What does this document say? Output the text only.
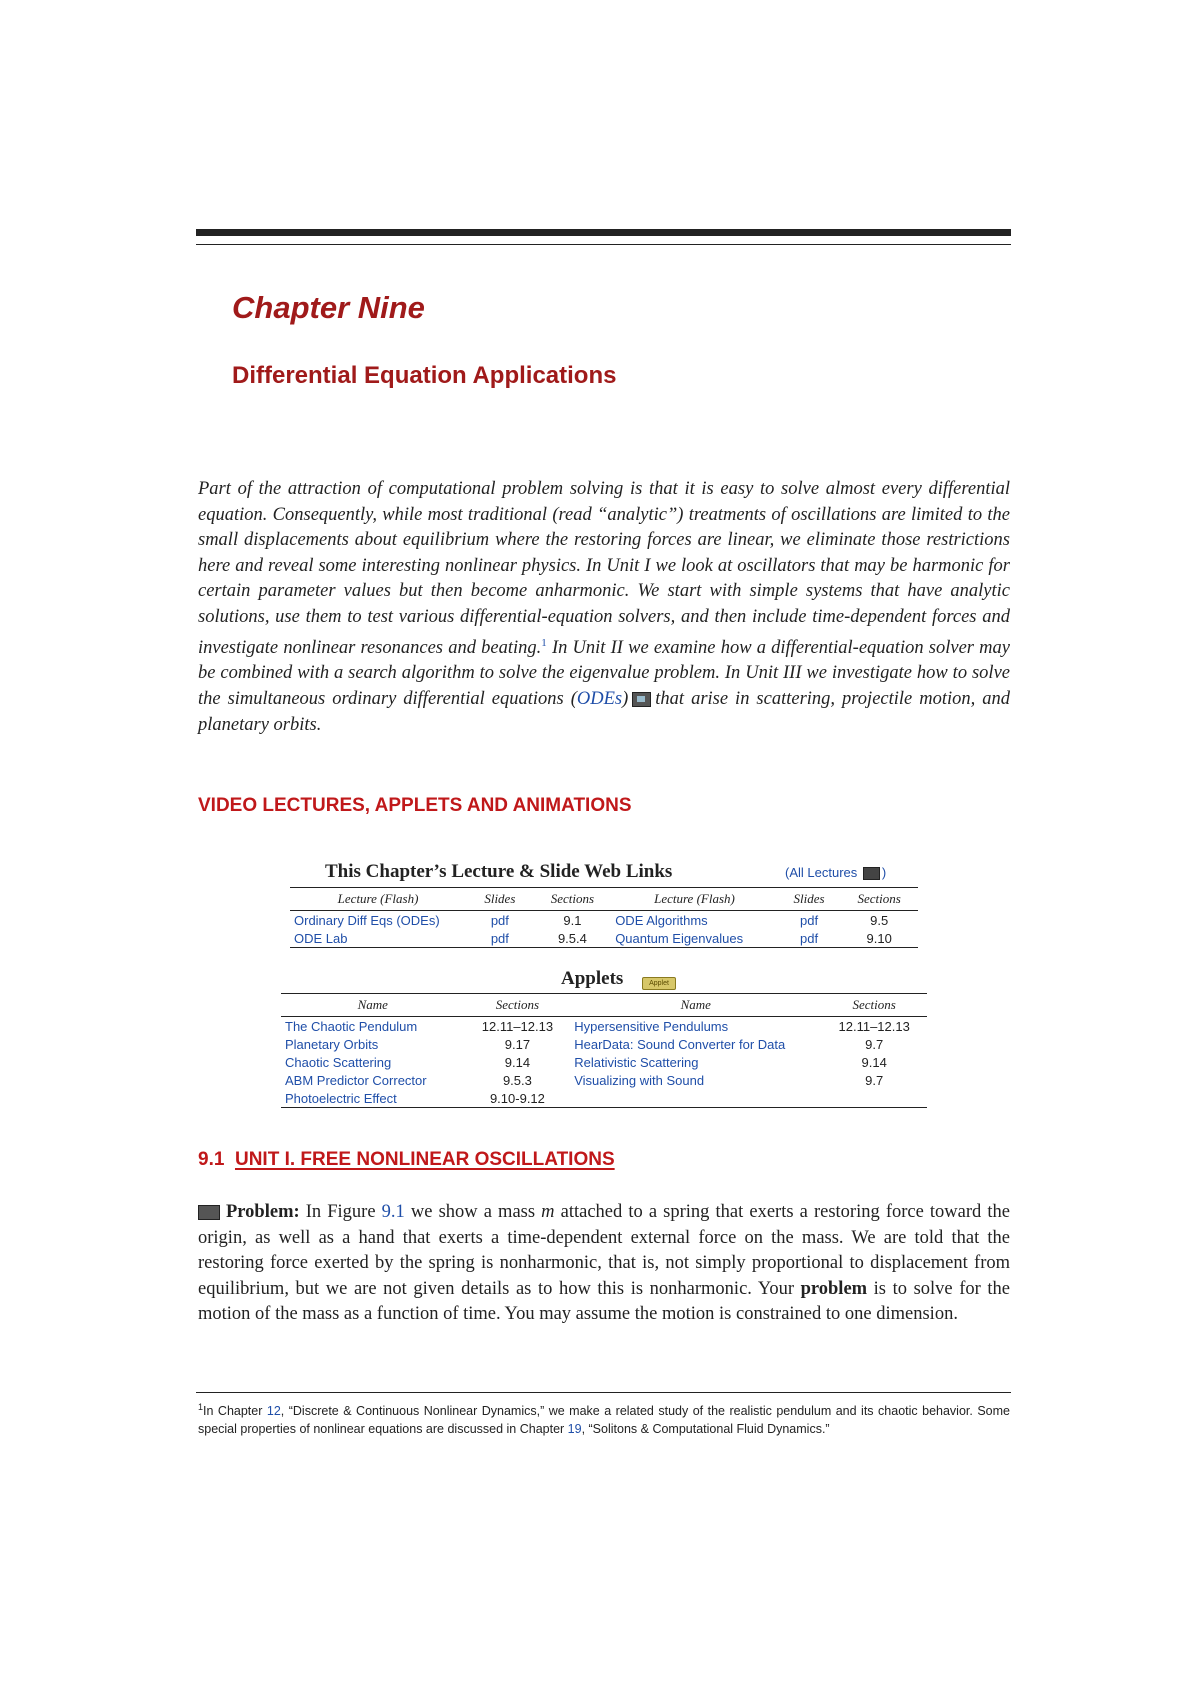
Chapter Nine
Differential Equation Applications

Part of the attraction of computational problem solving is that it is easy to solve almost every differential equation. Consequently, while most traditional (read “analytic”) treatments of oscillations are limited to the small displacements about equilibrium where the restoring forces are linear, we eliminate those restrictions here and reveal some interesting nonlinear physics. In Unit I we look at oscillators that may be harmonic for certain parameter values but then become anharmonic. We start with simple systems that have analytic solutions, use them to test various differential-equation solvers, and then include time-dependent forces and investigate nonlinear resonances and beating.$^1$ In Unit II we examine how a differential-equation solver may be combined with a search algorithm to solve the eigenvalue problem. In Unit III we investigate how to solve the simultaneous ordinary differential equations (ODEs) that arise in scattering, projectile motion, and planetary orbits.

VIDEO LECTURES, APPLETS AND ANIMATIONS
This Chapter’s Lecture & Slide Web Links	(All Lectures )
Lecture (Flash)	Slides	Sections	Lecture (Flash)	Slides	Sections
Ordinary Diff Eqs (ODEs)	pdf	9.1	ODE Algorithms	pdf	9.5
ODE Lab	pdf	9.5.4	Quantum Eigenvalues	pdf	9.10
Applets	Applet
Name	Sections	Name	Sections
The Chaotic Pendulum	12.11–12.13	Hypersensitive Pendulums	12.11–12.13
Planetary Orbits	9.17	HearData: Sound Converter for Data	9.7
Chaotic Scattering	9.14	Relativistic Scattering	9.14
ABM Predictor Corrector	9.5.3	Visualizing with Sound	9.7
Photoelectric Effect	9.10-9.12		
9.1 UNIT I. FREE NONLINEAR OSCILLATIONS

Problem: In Figure 9.1 we show a mass m attached to a spring that exerts a restoring force toward the origin, as well as a hand that exerts a time-dependent external force on the mass. We are told that the restoring force exerted by the spring is nonharmonic, that is, not simply proportional to displacement from equilibrium, but we are not given details as to how this is nonharmonic. Your problem is to solve for the motion of the mass as a function of time. You may assume the motion is constrained to one dimension.

$^1$In Chapter 12, “Discrete & Continuous Nonlinear Dynamics,” we make a related study of the realistic pendulum and its chaotic behavior. Some special properties of nonlinear equations are discussed in Chapter 19, “Solitons & Computational Fluid Dynamics.”
